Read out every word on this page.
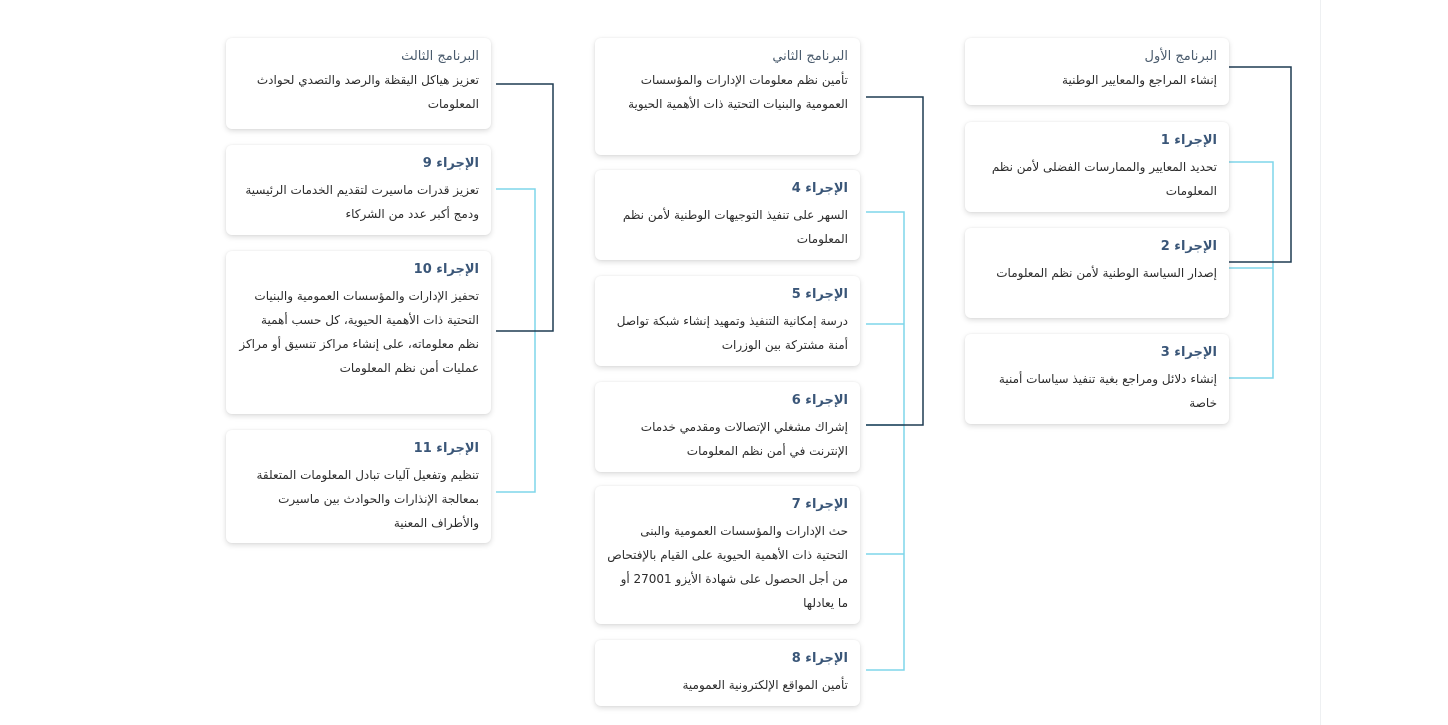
البرنامج الأول
إنشاء المراجع والمعايير الوطنية
الإجراء 1
تحديد المعايير والممارسات الفضلى لأمن نظم المعلومات
الإجراء 2
إصدار السياسة الوطنية لأمن نظم المعلومات
الإجراء 3
إنشاء دلائل ومراجع بغية تنفيذ سياسات أمنية خاصة
البرنامج الثاني
تأمين نظم معلومات الإدارات والمؤسسات العمومية والبنيات التحتية ذات الأهمية الحيوية
الإجراء 4
السهر على تنفيذ التوجيهات الوطنية لأمن نظم المعلومات
الإجراء 5
درسة إمكانية التنفيذ وتمهيد إنشاء شبكة تواصل أمنة مشتركة بين الوزرات
الإجراء 6
إشراك مشغلي الإتصالات ومقدمي خدمات الإنترنت في أمن نظم المعلومات
الإجراء 7
حث الإدارات والمؤسسات العمومية والبنى التحتية ذات الأهمية الحيوية على القيام بالإفتحاص من أجل الحصول على شهادة الأيزو 27001 أو ما يعادلها
الإجراء 8
تأمين المواقع الإلكترونية العمومية
البرنامج الثالث
تعزيز هياكل اليقظة والرصد والتصدي لحوادث المعلومات
الإجراء 9
تعزيز قدرات ماسيرت لتقديم الخدمات الرئيسية ودمج أكبر عدد من الشركاء
الإجراء 10
تحفيز الإدارات والمؤسسات العمومية والبنيات التحتية ذات الأهمية الحيوية، كل حسب أهمية نظم معلوماته، على إنشاء مراكز تنسيق أو مراكز عمليات أمن نظم المعلومات
الإجراء 11
تنظيم وتفعيل آليات تبادل المعلومات المتعلقة بمعالجة الإنذارات والحوادث بين ماسيرت والأطراف المعنية
